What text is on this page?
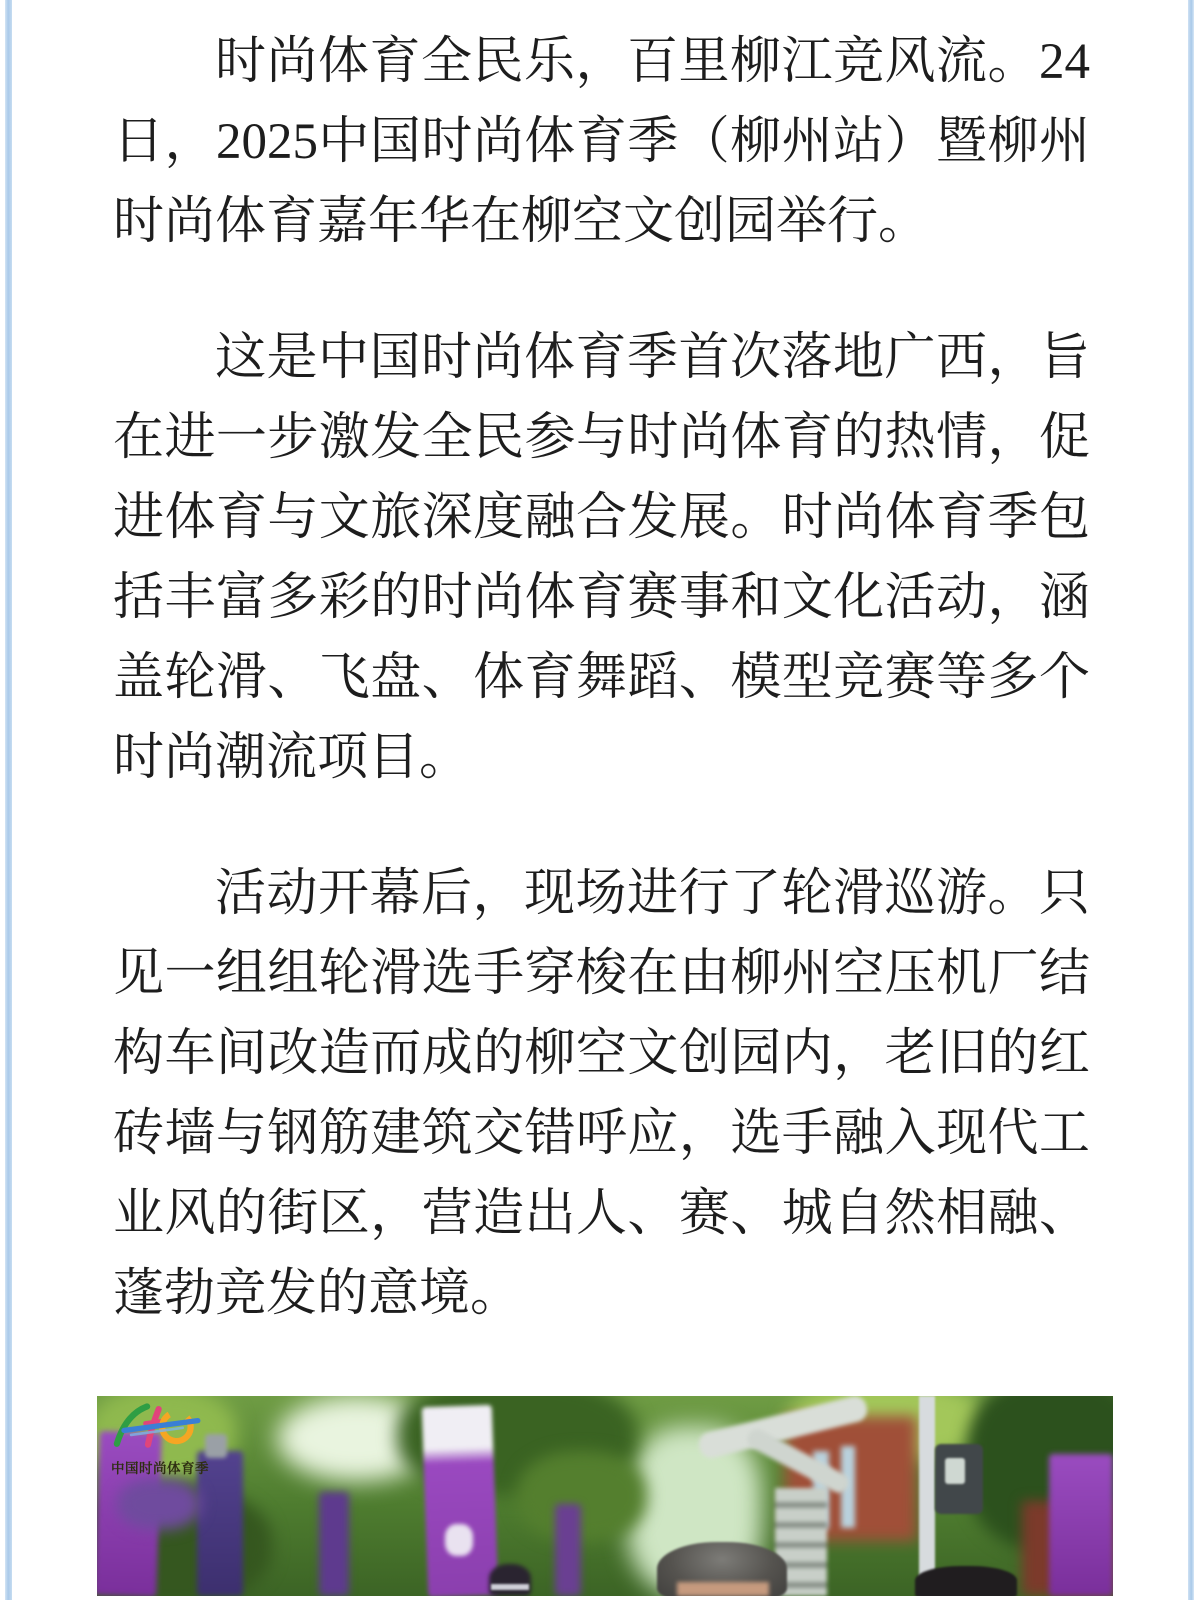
时尚体育全民乐，百里柳江竞风流。24日，2025中国时尚体育季（柳州站）暨柳州时尚体育嘉年华在柳空文创园举行。

这是中国时尚体育季首次落地广西，旨在进一步激发全民参与时尚体育的热情，促进体育与文旅深度融合发展。时尚体育季包括丰富多彩的时尚体育赛事和文化活动，涵盖轮滑、飞盘、体育舞蹈、模型竞赛等多个时尚潮流项目。

活动开幕后，现场进行了轮滑巡游。只见一组组轮滑选手穿梭在由柳州空压机厂结构车间改造而成的柳空文创园内，老旧的红砖墙与钢筋建筑交错呼应，选手融入现代工业风的街区，营造出人、赛、城自然相融、蓬勃竞发的意境。

中国时尚体育季
